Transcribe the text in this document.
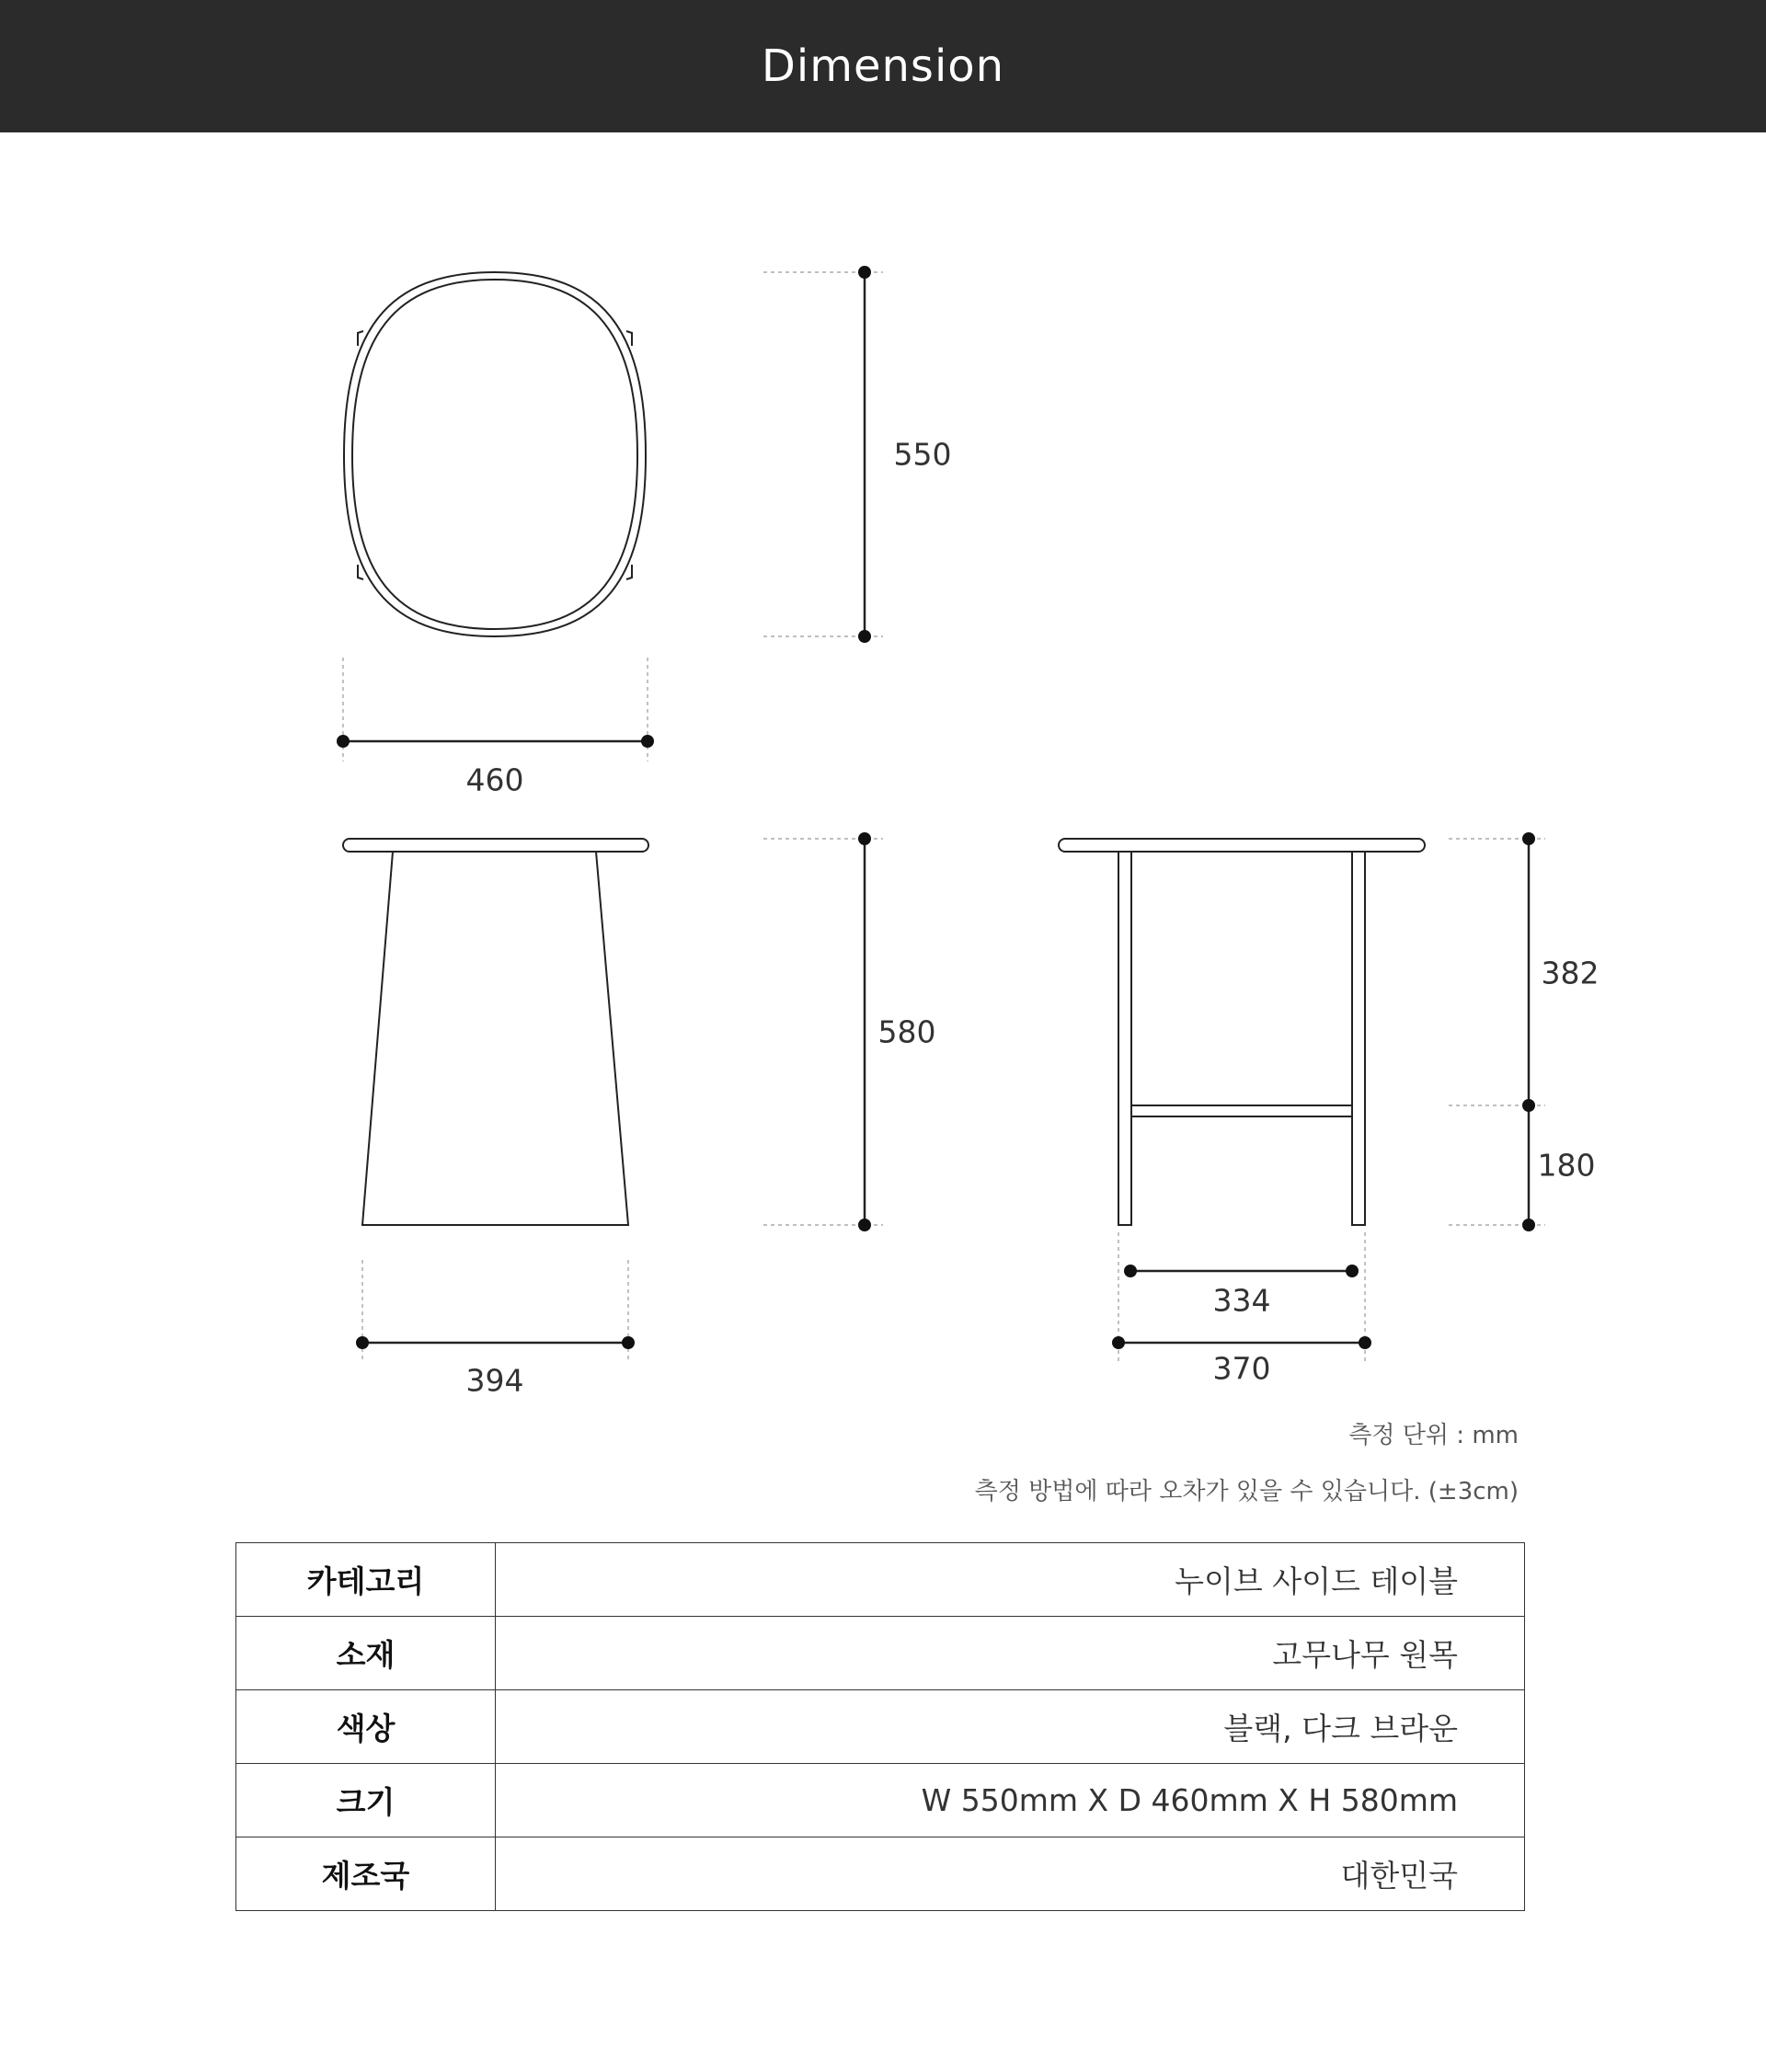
Dimension
550
460
580
394
382
180
334
370
측정 단위 : mm
측정 방법에 따라 오차가 있을 수 있습니다. (±3cm)
카테고리	누이브 사이드 테이블
소재	고무나무 원목
색상	블랙, 다크 브라운
크기	W 550mm X D 460mm X H 580mm
제조국	대한민국
